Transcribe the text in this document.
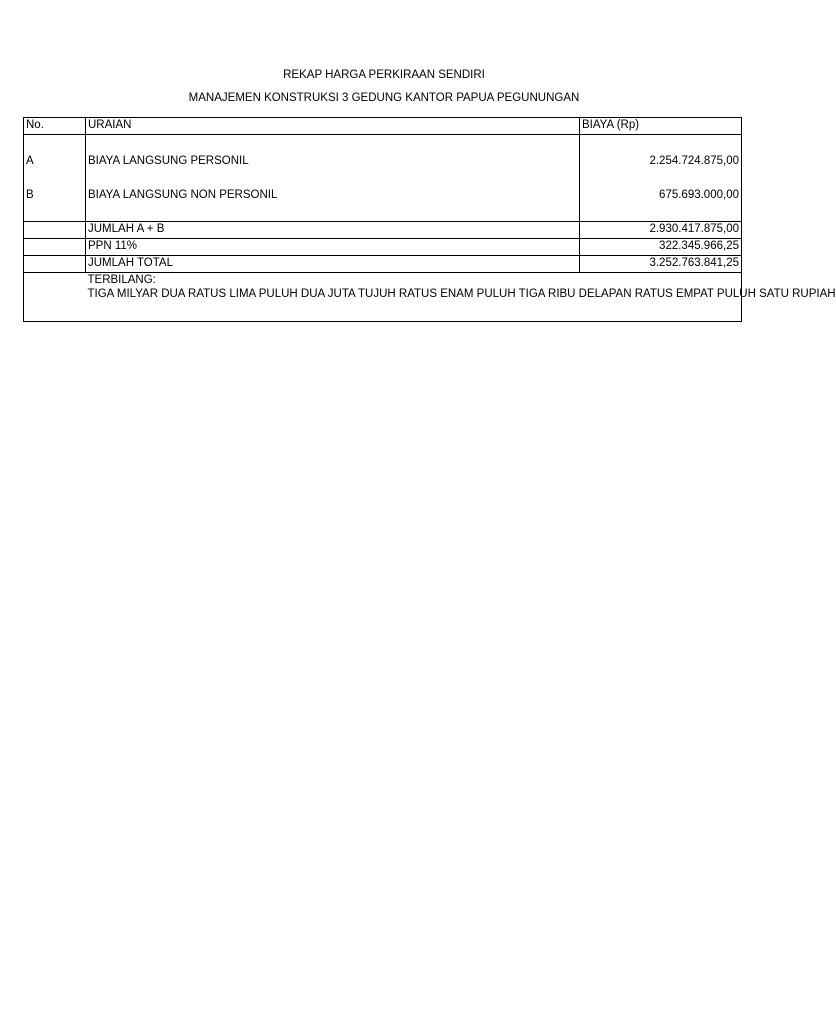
REKAP HARGA PERKIRAAN SENDIRI
MANAJEMEN KONSTRUKSI 3 GEDUNG KANTOR PAPUA PEGUNUNGAN
No.	URAIAN	BIAYA (Rp)

A	BIAYA LANGSUNG PERSONIL	2.254.724.875,00

B	BIAYA LANGSUNG NON PERSONIL	675.693.000,00

	JUMLAH A + B	2.930.417.875,00
	PPN 11%	322.345.966,25
	JUMLAH TOTAL	3.252.763.841,25

	TERBILANG:
TIGA MILYAR DUA RATUS LIMA PULUH DUA JUTA TUJUH RATUS ENAM PULUH TIGA RIBU DELAPAN RATUS EMPAT PULUH SATU RUPIAH	
